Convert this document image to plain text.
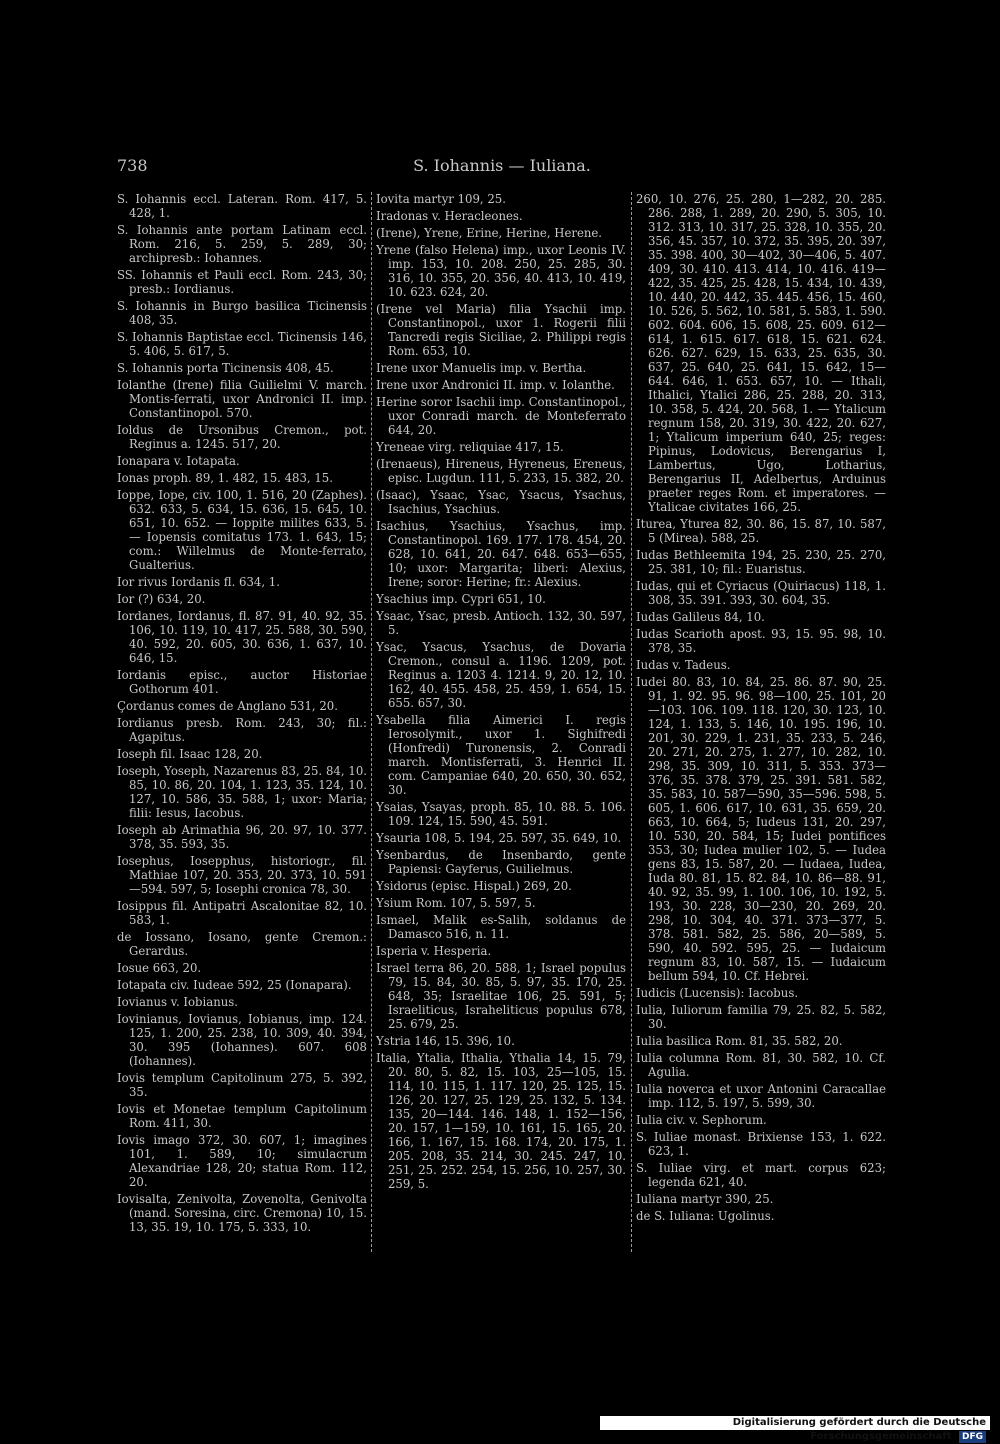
738	S. Iohannis — Iuliana.

S. Iohannis eccl. Lateran. Rom. 417, 5. 428, 1.

S. Iohannis ante portam Latinam eccl. Rom. 216, 5. 259, 5. 289, 30; archipresb.: Iohannes.

SS. Iohannis et Pauli eccl. Rom. 243, 30; presb.: Iordianus.

S. Iohannis in Burgo basilica Ticinensis 408, 35.

S. Iohannis Baptistae eccl. Ticinensis 146, 5. 406, 5. 617, 5.

S. Iohannis porta Ticinensis 408, 45.

Iolanthe (Irene) filia Guilielmi V. march. Montis-ferrati, uxor Andronici II. imp. Constantinopol. 570.

Ioldus de Ursonibus Cremon., pot. Reginus a. 1245. 517, 20.

Ionapara v. Iotapata.

Ionas proph. 89, 1. 482, 15. 483, 15.

Ioppe, Iope, civ. 100, 1. 516, 20 (Zaphes). 632. 633, 5. 634, 15. 636, 15. 645, 10. 651, 10. 652. — Ioppite milites 633, 5. — Iopensis comitatus 173. 1. 643, 15; com.: Willelmus de Monte-ferrato, Gualterius.

Ior rivus Iordanis fl. 634, 1.

Ior (?) 634, 20.

Iordanes, Iordanus, fl. 87. 91, 40. 92, 35. 106, 10. 119, 10. 417, 25. 588, 30. 590, 40. 592, 20. 605, 30. 636, 1. 637, 10. 646, 15.

Iordanis episc., auctor Historiae Gothorum 401.

Çordanus comes de Anglano 531, 20.

Iordianus presb. Rom. 243, 30; fil.: Agapitus.

Ioseph fil. Isaac 128, 20.

Ioseph, Yoseph, Nazarenus 83, 25. 84, 10. 85, 10. 86, 20. 104, 1. 123, 35. 124, 10. 127, 10. 586, 35. 588, 1; uxor: Maria; filii: Iesus, Iacobus.

Ioseph ab Arimathia 96, 20. 97, 10. 377. 378, 35. 593, 35.

Iosephus, Iosepphus, historiogr., fil. Mathiae 107, 20. 353, 20. 373, 10. 591—594. 597, 5; Iosephi cronica 78, 30.

Iosippus fil. Antipatri Ascalonitae 82, 10. 583, 1.

de Iossano, Iosano, gente Cremon.: Gerardus.

Iosue 663, 20.

Iotapata civ. Iudeae 592, 25 (Ionapara).

Iovianus v. Iobianus.

Iovinianus, Iovianus, Iobianus, imp. 124. 125, 1. 200, 25. 238, 10. 309, 40. 394, 30. 395 (Iohannes). 607. 608 (Iohannes).

Iovis templum Capitolinum 275, 5. 392, 35.

Iovis et Monetae templum Capitolinum Rom. 411, 30.

Iovis imago 372, 30. 607, 1; imagines 101, 1. 589, 10; simulacrum Alexandriae 128, 20; statua Rom. 112, 20.

Iovisalta, Zenivolta, Zovenolta, Genivolta (mand. Soresina, circ. Cremona) 10, 15. 13, 35. 19, 10. 175, 5. 333, 10.

Iovita martyr 109, 25.

Iradonas v. Heracleones.

(Irene), Yrene, Erine, Herine, Herene.

Yrene (falso Helena) imp., uxor Leonis IV. imp. 153, 10. 208. 250, 25. 285, 30. 316, 10. 355, 20. 356, 40. 413, 10. 419, 10. 623. 624, 20.

(Irene vel Maria) filia Ysachii imp. Constantinopol., uxor 1. Rogerii filii Tancredi regis Siciliae, 2. Philippi regis Rom. 653, 10.

Irene uxor Manuelis imp. v. Bertha.

Irene uxor Andronici II. imp. v. Iolanthe.

Herine soror Isachii imp. Constantinopol., uxor Conradi march. de Monteferrato 644, 20.

Yreneae virg. reliquiae 417, 15.

(Irenaeus), Hireneus, Hyreneus, Ereneus, episc. Lugdun. 111, 5. 233, 15. 382, 20.

(Isaac), Ysaac, Ysac, Ysacus, Ysachus, Isachius, Ysachius.

Isachius, Ysachius, Ysachus, imp. Constantinopol. 169. 177. 178. 454, 20. 628, 10. 641, 20. 647. 648. 653—655, 10; uxor: Margarita; liberi: Alexius, Irene; soror: Herine; fr.: Alexius.

Ysachius imp. Cypri 651, 10.

Ysaac, Ysac, presb. Antioch. 132, 30. 597, 5.

Ysac, Ysacus, Ysachus, de Dovaria Cremon., consul a. 1196. 1209, pot. Reginus a. 1203 4. 1214. 9, 20. 12, 10. 162, 40. 455. 458, 25. 459, 1. 654, 15. 655. 657, 30.

Ysabella filia Aimerici I. regis Ierosolymit., uxor 1. Sighifredi (Honfredi) Turonensis, 2. Conradi march. Montisferrati, 3. Henrici II. com. Campaniae 640, 20. 650, 30. 652, 30.

Ysaias, Ysayas, proph. 85, 10. 88. 5. 106. 109. 124, 15. 590, 45. 591.

Ysauria 108, 5. 194, 25. 597, 35. 649, 10.

Ysenbardus, de Insenbardo, gente Papiensi: Gayferus, Guilielmus.

Ysidorus (episc. Hispal.) 269, 20.

Ysium Rom. 107, 5. 597, 5.

Ismael, Malik es-Salih, soldanus de Damasco 516, n. 11.

Isperia v. Hesperia.

Israel terra 86, 20. 588, 1; Israel populus 79, 15. 84, 30. 85, 5. 97, 35. 170, 25. 648, 35; Israelitae 106, 25. 591, 5; Israeliticus, Israheliticus populus 678, 25. 679, 25.

Ystria 146, 15. 396, 10.

Italia, Ytalia, Ithalia, Ythalia 14, 15. 79, 20. 80, 5. 82, 15. 103, 25—105, 15. 114, 10. 115, 1. 117. 120, 25. 125, 15. 126, 20. 127, 25. 129, 25. 132, 5. 134. 135, 20—144. 146. 148, 1. 152—156, 20. 157, 1—159, 10. 161, 15. 165, 20. 166, 1. 167, 15. 168. 174, 20. 175, 1. 205. 208, 35. 214, 30. 245. 247, 10. 251, 25. 252. 254, 15. 256, 10. 257, 30. 259, 5.

260, 10. 276, 25. 280, 1—282, 20. 285. 286. 288, 1. 289, 20. 290, 5. 305, 10. 312. 313, 10. 317, 25. 328, 10. 355, 20. 356, 45. 357, 10. 372, 35. 395, 20. 397, 35. 398. 400, 30—402, 30—406, 5. 407. 409, 30. 410. 413. 414, 10. 416. 419—422, 35. 425, 25. 428, 15. 434, 10. 439, 10. 440, 20. 442, 35. 445. 456, 15. 460, 10. 526, 5. 562, 10. 581, 5. 583, 1. 590. 602. 604. 606, 15. 608, 25. 609. 612—614, 1. 615. 617. 618, 15. 621. 624. 626. 627. 629, 15. 633, 25. 635, 30. 637, 25. 640, 25. 641, 15. 642, 15—644. 646, 1. 653. 657, 10. — Ithali, Ithalici, Ytalici 286, 25. 288, 20. 313, 10. 358, 5. 424, 20. 568, 1. — Ytalicum regnum 158, 20. 319, 30. 422, 20. 627, 1; Ytalicum imperium 640, 25; reges: Pipinus, Lodovicus, Berengarius I, Lambertus, Ugo, Lotharius, Berengarius II, Adelbertus, Arduinus praeter reges Rom. et imperatores. — Ytalicae civitates 166, 25.

Iturea, Yturea 82, 30. 86, 15. 87, 10. 587, 5 (Mirea). 588, 25.

Iudas Bethleemita 194, 25. 230, 25. 270, 25. 381, 10; fil.: Euaristus.

Iudas, qui et Cyriacus (Quiriacus) 118, 1. 308, 35. 391. 393, 30. 604, 35.

Iudas Galileus 84, 10.

Iudas Scarioth apost. 93, 15. 95. 98, 10. 378, 35.

Iudas v. Tadeus.

Iudei 80. 83, 10. 84, 25. 86. 87. 90, 25. 91, 1. 92. 95. 96. 98—100, 25. 101, 20—103. 106. 109. 118. 120, 30. 123, 10. 124, 1. 133, 5. 146, 10. 195. 196, 10. 201, 30. 229, 1. 231, 35. 233, 5. 246, 20. 271, 20. 275, 1. 277, 10. 282, 10. 298, 35. 309, 10. 311, 5. 353. 373—376, 35. 378. 379, 25. 391. 581. 582, 35. 583, 10. 587—590, 35—596. 598, 5. 605, 1. 606. 617, 10. 631, 35. 659, 20. 663, 10. 664, 5; Iudeus 131, 20. 297, 10. 530, 20. 584, 15; Iudei pontifices 353, 30; Iudea mulier 102, 5. — Iudea gens 83, 15. 587, 20. — Iudaea, Iudea, Iuda 80. 81, 15. 82. 84, 10. 86—88. 91, 40. 92, 35. 99, 1. 100. 106, 10. 192, 5. 193, 30. 228, 30—230, 20. 269, 20. 298, 10. 304, 40. 371. 373—377, 5. 378. 581. 582, 25. 586, 20—589, 5. 590, 40. 592. 595, 25. — Iudaicum regnum 83, 10. 587, 15. — Iudaicum bellum 594, 10. Cf. Hebrei.

Iudicis (Lucensis): Iacobus.

Iulia, Iuliorum familia 79, 25. 82, 5. 582, 30.

Iulia basilica Rom. 81, 35. 582, 20.

Iulia columna Rom. 81, 30. 582, 10. Cf. Agulia.

Iulia noverca et uxor Antonini Caracallae imp. 112, 5. 197, 5. 599, 30.

Iulia civ. v. Sephorum.

S. Iuliae monast. Brixiense 153, 1. 622. 623, 1.

S. Iuliae virg. et mart. corpus 623; legenda 621, 40.

Iuliana martyr 390, 25.

de S. Iuliana: Ugolinus.

Digitalisierung gefördert durch die Deutsche Forschungsgemeinschaft DFG
